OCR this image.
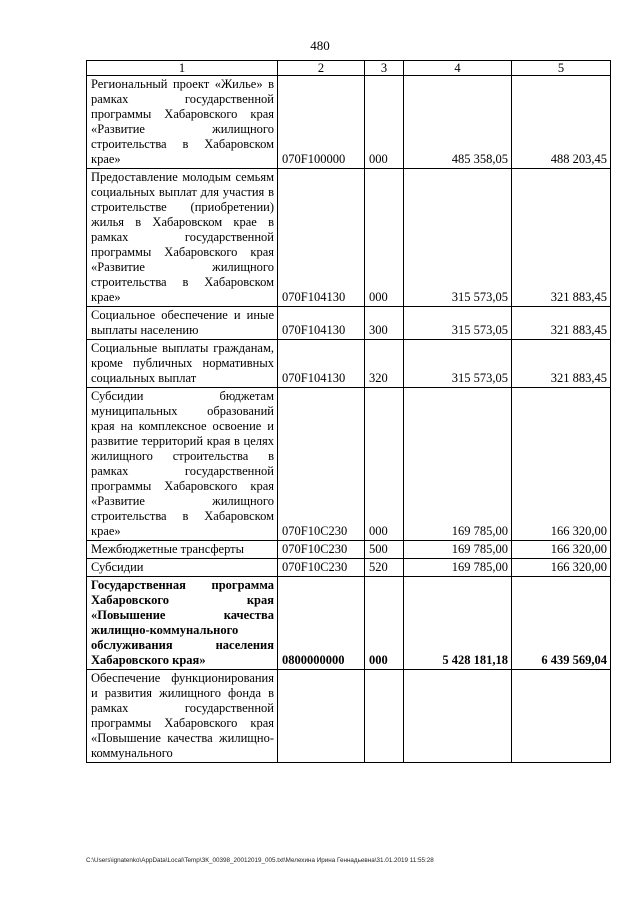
480
1	2	3	4	5
Региональный проект «Жилье» в рамках государственной программы Хабаровского края «Развитие жилищного строительства в Хабаровском крае»	070F100000	000	485 358,05	488 203,45
Предоставление молодым семьям социальных выплат для участия в строительстве (приобретении) жилья в Хабаровском крае в рамках государственной программы Хабаровского края «Развитие жилищного строительства в Хабаровском крае»	070F104130	000	315 573,05	321 883,45
Социальное обеспечение и иные выплаты населению	070F104130	300	315 573,05	321 883,45
Социальные выплаты гражданам, кроме публичных нормативных социальных выплат	070F104130	320	315 573,05	321 883,45
Субсидии бюджетам муниципальных образований края на комплексное освоение и развитие территорий края в целях жилищного строительства в рамках государственной программы Хабаровского края «Развитие жилищного строительства в Хабаровском крае»	070F10С230	000	169 785,00	166 320,00
Межбюджетные трансферты	070F10С230	500	169 785,00	166 320,00
Субсидии	070F10С230	520	169 785,00	166 320,00
Государственная программа Хабаровского края «Повышение качества жилищно-коммунального обслуживания населения Хабаровского края»	0800000000	000	5 428 181,18	6 439 569,04
Обеспечение функционирования и развития жилищного фонда в рамках государственной программы Хабаровского края «Повышение качества жилищно-коммунального				
C:\Users\ignatenko\AppData\Local\Temp\ЗК_00398_20012019_005.txt\Мелехина Ирина Геннадьевна\31.01.2019 11:55:28
